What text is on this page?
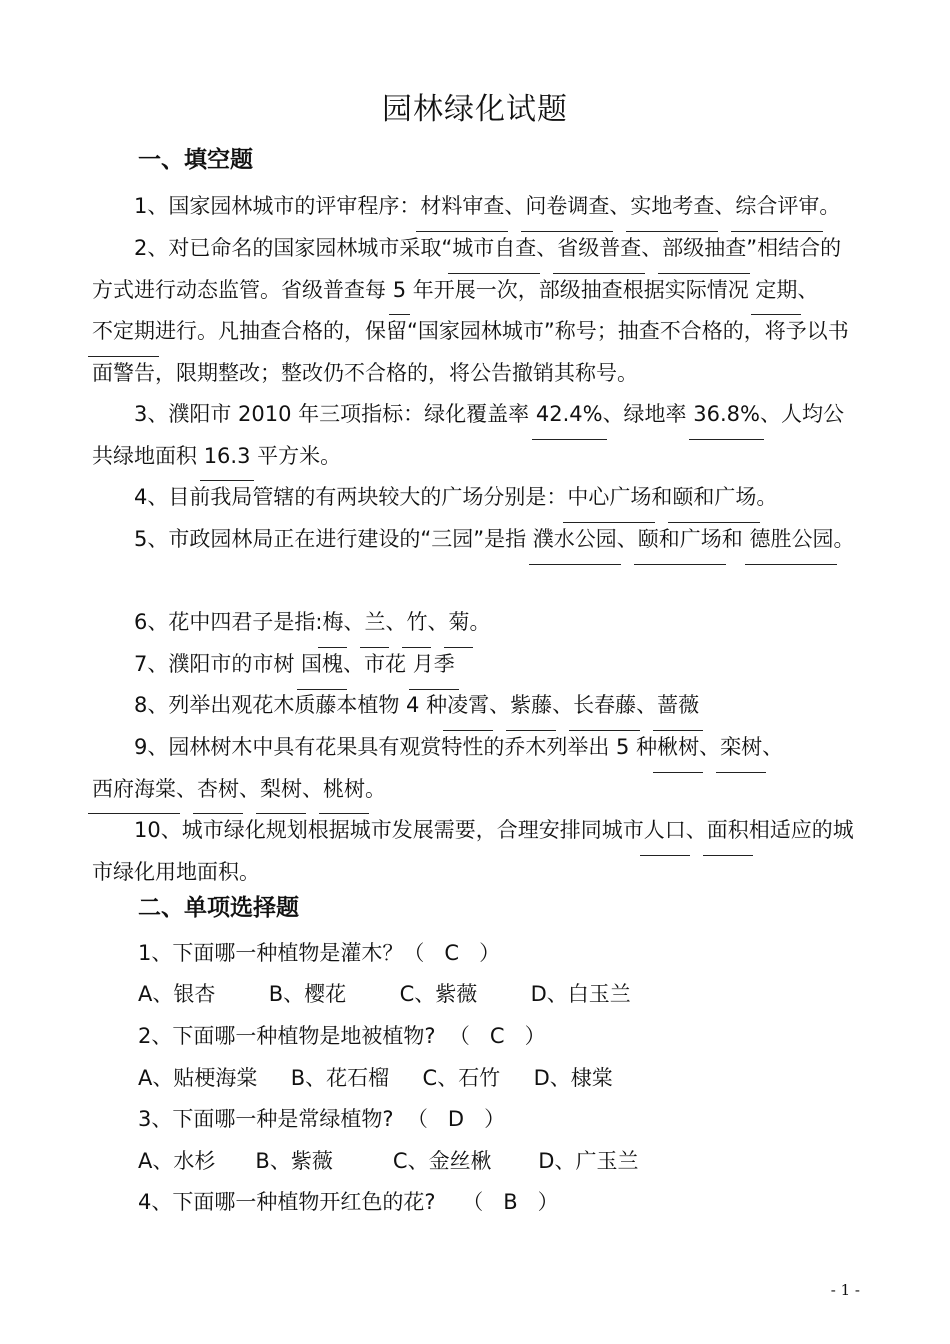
园林绿化试题
一、填空题
1、国家园林城市的评审程序：材料审查、问卷调查、实地考查、综合评审。
2、对已命名的国家园林城市采取“城市自查、省级普查、部级抽查”相结合的方式进行动态监管。省级普查每 5 年开展一次，部级抽查根据实际情况 定期、不定期进行。凡抽查合格的，保留“国家园林城市”称号；抽查不合格的，将予以书面警告，限期整改；整改仍不合格的，将公告撤销其称号。
3、濮阳市 2010 年三项指标：绿化覆盖率 42.4%、绿地率 36.8%、人均公共绿地面积 16.3 平方米。
4、目前我局管辖的有两块较大的广场分别是：中心广场和颐和广场。
5、市政园林局正在进行建设的“三园”是指 濮水公园、颐和广场和 德胜公园。
6、花中四君子是指:梅、兰、竹、菊。
7、濮阳市的市树 国槐、市花 月季
8、列举出观花木质藤本植物 4 种凌霄、紫藤、长春藤、蔷薇
9、园林树木中具有花果具有观赏特性的乔木列举出 5 种楸树、栾树、西府海棠、杏树、梨树、桃树。
10、城市绿化规划根据城市发展需要，合理安排同城市人口、面积相适应的城市绿化用地面积。
二、单项选择题
1、下面哪一种植物是灌木？（   C   ）
A、银杏        B、樱花        C、紫薇        D、白玉兰
2、下面哪一种植物是地被植物?  （   C   ）
A、贴梗海棠     B、花石榴     C、石竹     D、棣棠
3、下面哪一种是常绿植物?  （   D   ）
A、水杉      B、紫薇         C、金丝楸       D、广玉兰
4、下面哪一种植物开红色的花?    （   B   ）
- 1 -
